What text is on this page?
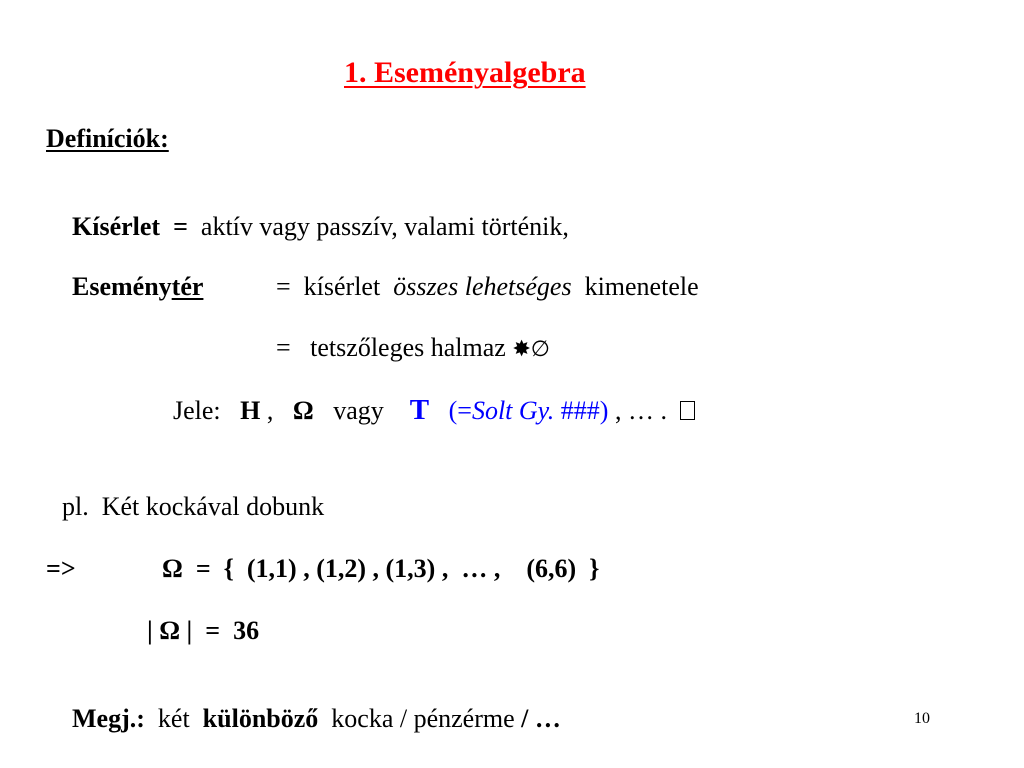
1. Eseményalgebra
Definíciók:

Kísérlet = aktív vagy passzív, valami történik,

Eseménytér
	= kísérlet összes lehetséges kimenetele

= tetszőleges halmaz ✸∅

Jele: H , Ω vagy T (=Solt Gy. ###) , … .

pl.  Két kockával dobunk
=>	Ω  =  {  (1,1) , (1,2) , (1,3) ,  … ,    (6,6)  }
| Ω |  =  36

Megj.: két különböző kocka / pénzérme / …
	10
